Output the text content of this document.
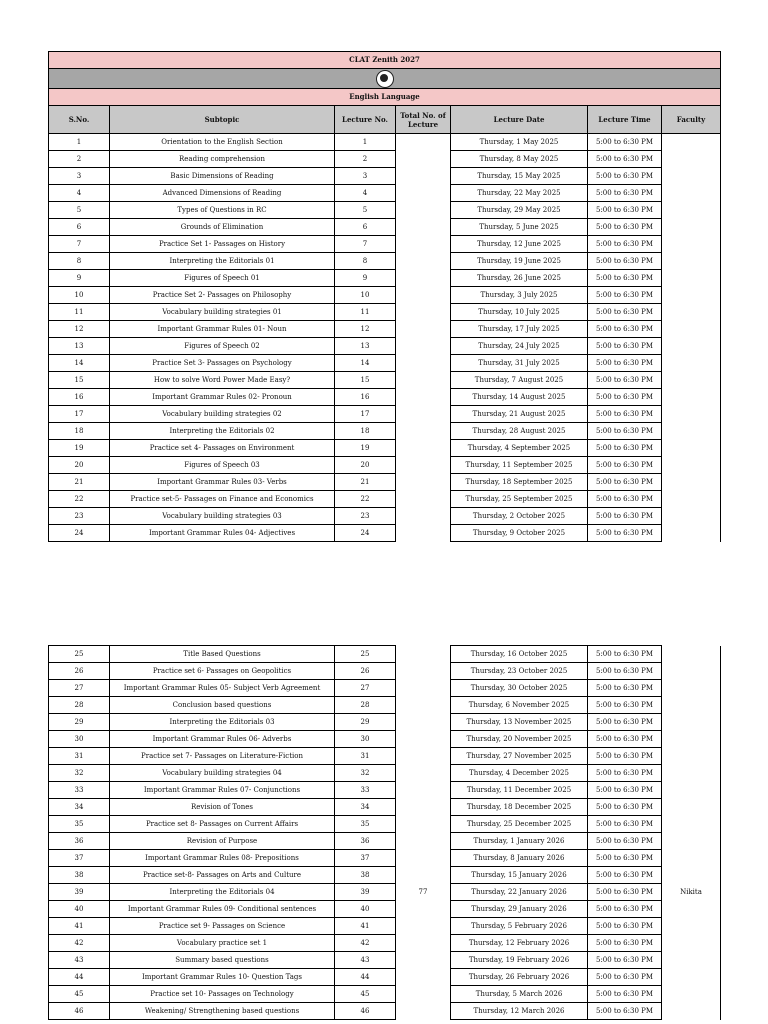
CLAT Zenith 2027						

English Language						
S.No.	Subtopic	Lecture No.	Total No. of Lecture	Lecture Date	Lecture Time	Faculty
1	Orientation to the English Section	1		Thursday, 1 May 2025	5:00 to 6:30 PM	
2	Reading comprehension	2		Thursday, 8 May 2025	5:00 to 6:30 PM	
3	Basic Dimensions of Reading	3		Thursday, 15 May 2025	5:00 to 6:30 PM	
4	Advanced Dimensions of Reading	4		Thursday, 22 May 2025	5:00 to 6:30 PM	
5	Types of Questions in RC	5		Thursday, 29 May 2025	5:00 to 6:30 PM	
6	Grounds of Elimination	6		Thursday, 5 June 2025	5:00 to 6:30 PM	
7	Practice Set 1- Passages on History	7		Thursday, 12 June 2025	5:00 to 6:30 PM	
8	Interpreting the Editorials 01	8		Thursday, 19 June 2025	5:00 to 6:30 PM	
9	Figures of Speech 01	9		Thursday, 26 June 2025	5:00 to 6:30 PM	
10	Practice Set 2- Passages on Philosophy	10		Thursday, 3 July 2025	5:00 to 6:30 PM	
11	Vocabulary building strategies 01	11		Thursday, 10 July 2025	5:00 to 6:30 PM	
12	Important Grammar Rules 01- Noun	12		Thursday, 17 July 2025	5:00 to 6:30 PM	
13	Figures of Speech 02	13		Thursday, 24 July 2025	5:00 to 6:30 PM	
14	Practice Set 3- Passages on Psychology	14		Thursday, 31 July 2025	5:00 to 6:30 PM	
15	How to solve Word Power Made Easy?	15		Thursday, 7 August 2025	5:00 to 6:30 PM	
16	Important Grammar Rules 02- Pronoun	16		Thursday, 14 August 2025	5:00 to 6:30 PM	
17	Vocabulary building strategies 02	17		Thursday, 21 August 2025	5:00 to 6:30 PM	
18	Interpreting the Editorials 02	18		Thursday, 28 August 2025	5:00 to 6:30 PM	
19	Practice set 4- Passages on Environment	19		Thursday, 4 September 2025	5:00 to 6:30 PM	
20	Figures of Speech 03	20		Thursday, 11 September 2025	5:00 to 6:30 PM	
21	Important Grammar Rules 03- Verbs	21		Thursday, 18 September 2025	5:00 to 6:30 PM	
22	Practice set-5- Passages on Finance and Economics	22		Thursday, 25 September 2025	5:00 to 6:30 PM	
23	Vocabulary building strategies 03	23		Thursday, 2 October 2025	5:00 to 6:30 PM	
24	Important Grammar Rules 04- Adjectives	24		Thursday, 9 October 2025	5:00 to 6:30 PM	
25	Title Based Questions	25		Thursday, 16 October 2025	5:00 to 6:30 PM	
26	Practice set 6- Passages on Geopolitics	26		Thursday, 23 October 2025	5:00 to 6:30 PM	
27	Important Grammar Rules 05- Subject Verb Agreement	27		Thursday, 30 October 2025	5:00 to 6:30 PM	
28	Conclusion based questions	28		Thursday, 6 November 2025	5:00 to 6:30 PM	
29	Interpreting the Editorials 03	29		Thursday, 13 November 2025	5:00 to 6:30 PM	
30	Important Grammar Rules 06- Adverbs	30		Thursday, 20 November 2025	5:00 to 6:30 PM	
31	Practice set 7- Passages on Literature-Fiction	31		Thursday, 27 November 2025	5:00 to 6:30 PM	
32	Vocabulary building strategies 04	32		Thursday, 4 December 2025	5:00 to 6:30 PM	
33	Important Grammar Rules 07- Conjunctions	33		Thursday, 11 December 2025	5:00 to 6:30 PM	
34	Revision of Tones	34		Thursday, 18 December 2025	5:00 to 6:30 PM	
35	Practice set 8- Passages on Current Affairs	35		Thursday, 25 December 2025	5:00 to 6:30 PM	
36	Revision of Purpose	36		Thursday, 1 January 2026	5:00 to 6:30 PM	
37	Important Grammar Rules 08- Prepositions	37		Thursday, 8 January 2026	5:00 to 6:30 PM	
38	Practice set-8- Passages on Arts and Culture	38		Thursday, 15 January 2026	5:00 to 6:30 PM	
39	Interpreting the Editorials 04	39	77	Thursday, 22 January 2026	5:00 to 6:30 PM	Nikita
40	Important Grammar Rules 09- Conditional sentences	40		Thursday, 29 January 2026	5:00 to 6:30 PM	
41	Practice set 9- Passages on Science	41		Thursday, 5 February 2026	5:00 to 6:30 PM	
42	Vocabulary practice set 1	42		Thursday, 12 February 2026	5:00 to 6:30 PM	
43	Summary based questions	43		Thursday, 19 February 2026	5:00 to 6:30 PM	
44	Important Grammar Rules 10- Question Tags	44		Thursday, 26 February 2026	5:00 to 6:30 PM	
45	Practice set 10- Passages on Technology	45		Thursday, 5 March 2026	5:00 to 6:30 PM	
46	Weakening/ Strengthening based questions	46		Thursday, 12 March 2026	5:00 to 6:30 PM	
